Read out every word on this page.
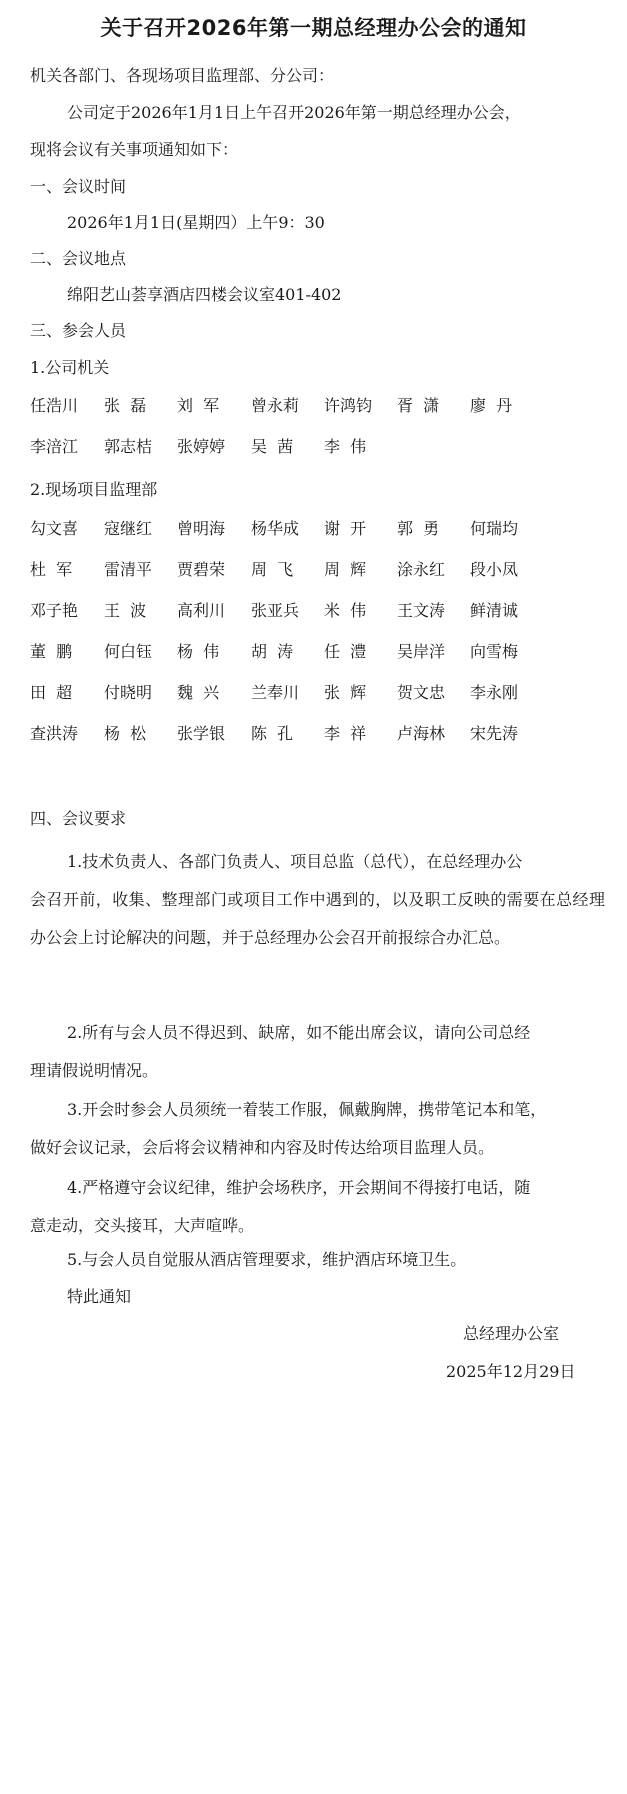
关于召开2026年第一期总经理办公会的通知
机关各部门、各现场项目监理部、分公司：
公司定于2026年1月1日上午召开2026年第一期总经理办公会，
现将会议有关事项通知如下：
一、会议时间
2026年1月1日(星期四）上午9：30
二、会议地点
绵阳艺山荟享酒店四楼会议室401-402
三、参会人员
1.公司机关
任浩川 张  磊 刘  军 曾永莉 许鸿钧 胥  潇 廖  丹
李涪江 郭志桔 张婷婷 吴  茜 李  伟
2.现场项目监理部
勾文喜 寇继红 曾明海 杨华成 谢  开 郭  勇 何瑞均
杜  军 雷清平 贾碧荣 周  飞 周  辉 涂永红 段小凤
邓子艳 王  波 高利川 张亚兵 米  伟 王文涛 鲜清诚
董  鹏 何白钰 杨  伟 胡  涛 任  澧 吴岸洋 向雪梅
田  超 付晓明 魏  兴 兰奉川 张  辉 贺文忠 李永刚
查洪涛 杨  松 张学银 陈  孔 李  祥 卢海林 宋先涛
四、会议要求
1.技术负责人、各部门负责人、项目总监（总代），在总经理办公
会召开前，收集、整理部门或项目工作中遇到的，以及职工反映的需要在总经理办公会上讨论解决的问题，并于总经理办公会召开前报综合办汇总。
2.所有与会人员不得迟到、缺席，如不能出席会议，请向公司总经
理请假说明情况。
3.开会时参会人员须统一着装工作服，佩戴胸牌，携带笔记本和笔，
做好会议记录，会后将会议精神和内容及时传达给项目监理人员。
4.严格遵守会议纪律，维护会场秩序，开会期间不得接打电话，随
意走动，交头接耳，大声喧哗。
5.与会人员自觉服从酒店管理要求，维护酒店环境卫生。
特此通知
总经理办公室
2025年12月29日
